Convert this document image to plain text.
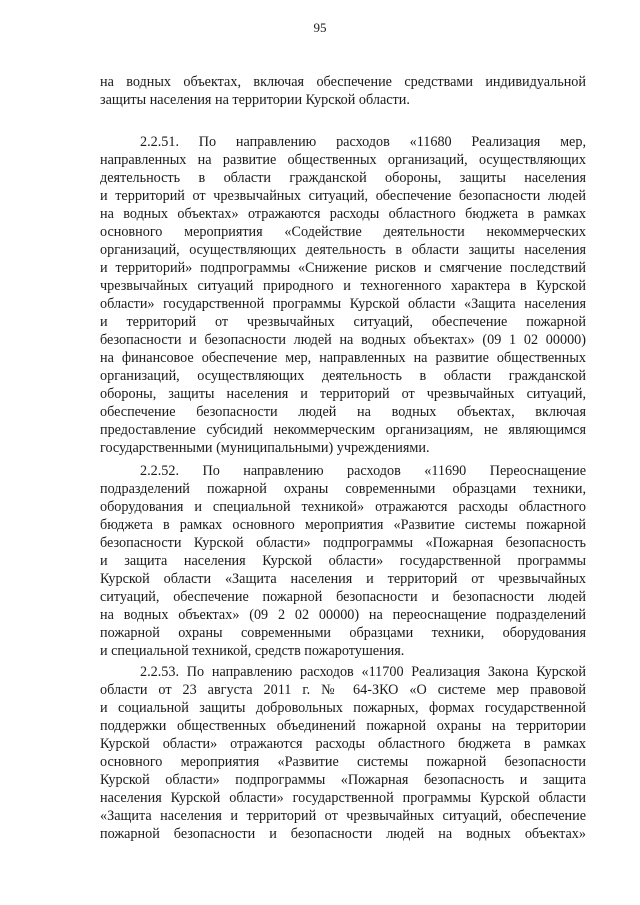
95
на водных объектах, включая обеспечение средствами индивидуальной
защиты населения на территории Курской области.
2.2.51. По направлению расходов «11680 Реализация мер,
направленных на развитие общественных организаций, осуществляющих
деятельность в области гражданской обороны, защиты населения
и территорий от чрезвычайных ситуаций, обеспечение безопасности людей
на водных объектах» отражаются расходы областного бюджета в рамках
основного мероприятия «Содействие деятельности некоммерческих
организаций, осуществляющих деятельность в области защиты населения
и территорий» подпрограммы «Снижение рисков и смягчение последствий
чрезвычайных ситуаций природного и техногенного характера в Курской
области» государственной программы Курской области «Защита населения
и территорий от чрезвычайных ситуаций, обеспечение пожарной
безопасности и безопасности людей на водных объектах» (09 1 02 00000)
на финансовое обеспечение мер, направленных на развитие общественных
организаций, осуществляющих деятельность в области гражданской
обороны, защиты населения и территорий от чрезвычайных ситуаций,
обеспечение безопасности людей на водных объектах, включая
предоставление субсидий некоммерческим организациям, не являющимся
государственными (муниципальными) учреждениями.
2.2.52. По направлению расходов «11690 Переоснащение
подразделений пожарной охраны современными образцами техники,
оборудования и специальной техникой» отражаются расходы областного
бюджета в рамках основного мероприятия «Развитие системы пожарной
безопасности Курской области» подпрограммы «Пожарная безопасность
и защита населения Курской области» государственной программы
Курской области «Защита населения и территорий от чрезвычайных
ситуаций, обеспечение пожарной безопасности и безопасности людей
на водных объектах» (09 2 02 00000) на переоснащение подразделений
пожарной охраны современными образцами техники, оборудования
и специальной техникой, средств пожаротушения.
2.2.53. По направлению расходов «11700 Реализация Закона Курской
области от 23 августа 2011 г. № 64-ЗКО «О системе мер правовой
и социальной защиты добровольных пожарных, формах государственной
поддержки общественных объединений пожарной охраны на территории
Курской области» отражаются расходы областного бюджета в рамках
основного мероприятия «Развитие системы пожарной безопасности
Курской области» подпрограммы «Пожарная безопасность и защита
населения Курской области» государственной программы Курской области
«Защита населения и территорий от чрезвычайных ситуаций, обеспечение
пожарной безопасности и безопасности людей на водных объектах»
